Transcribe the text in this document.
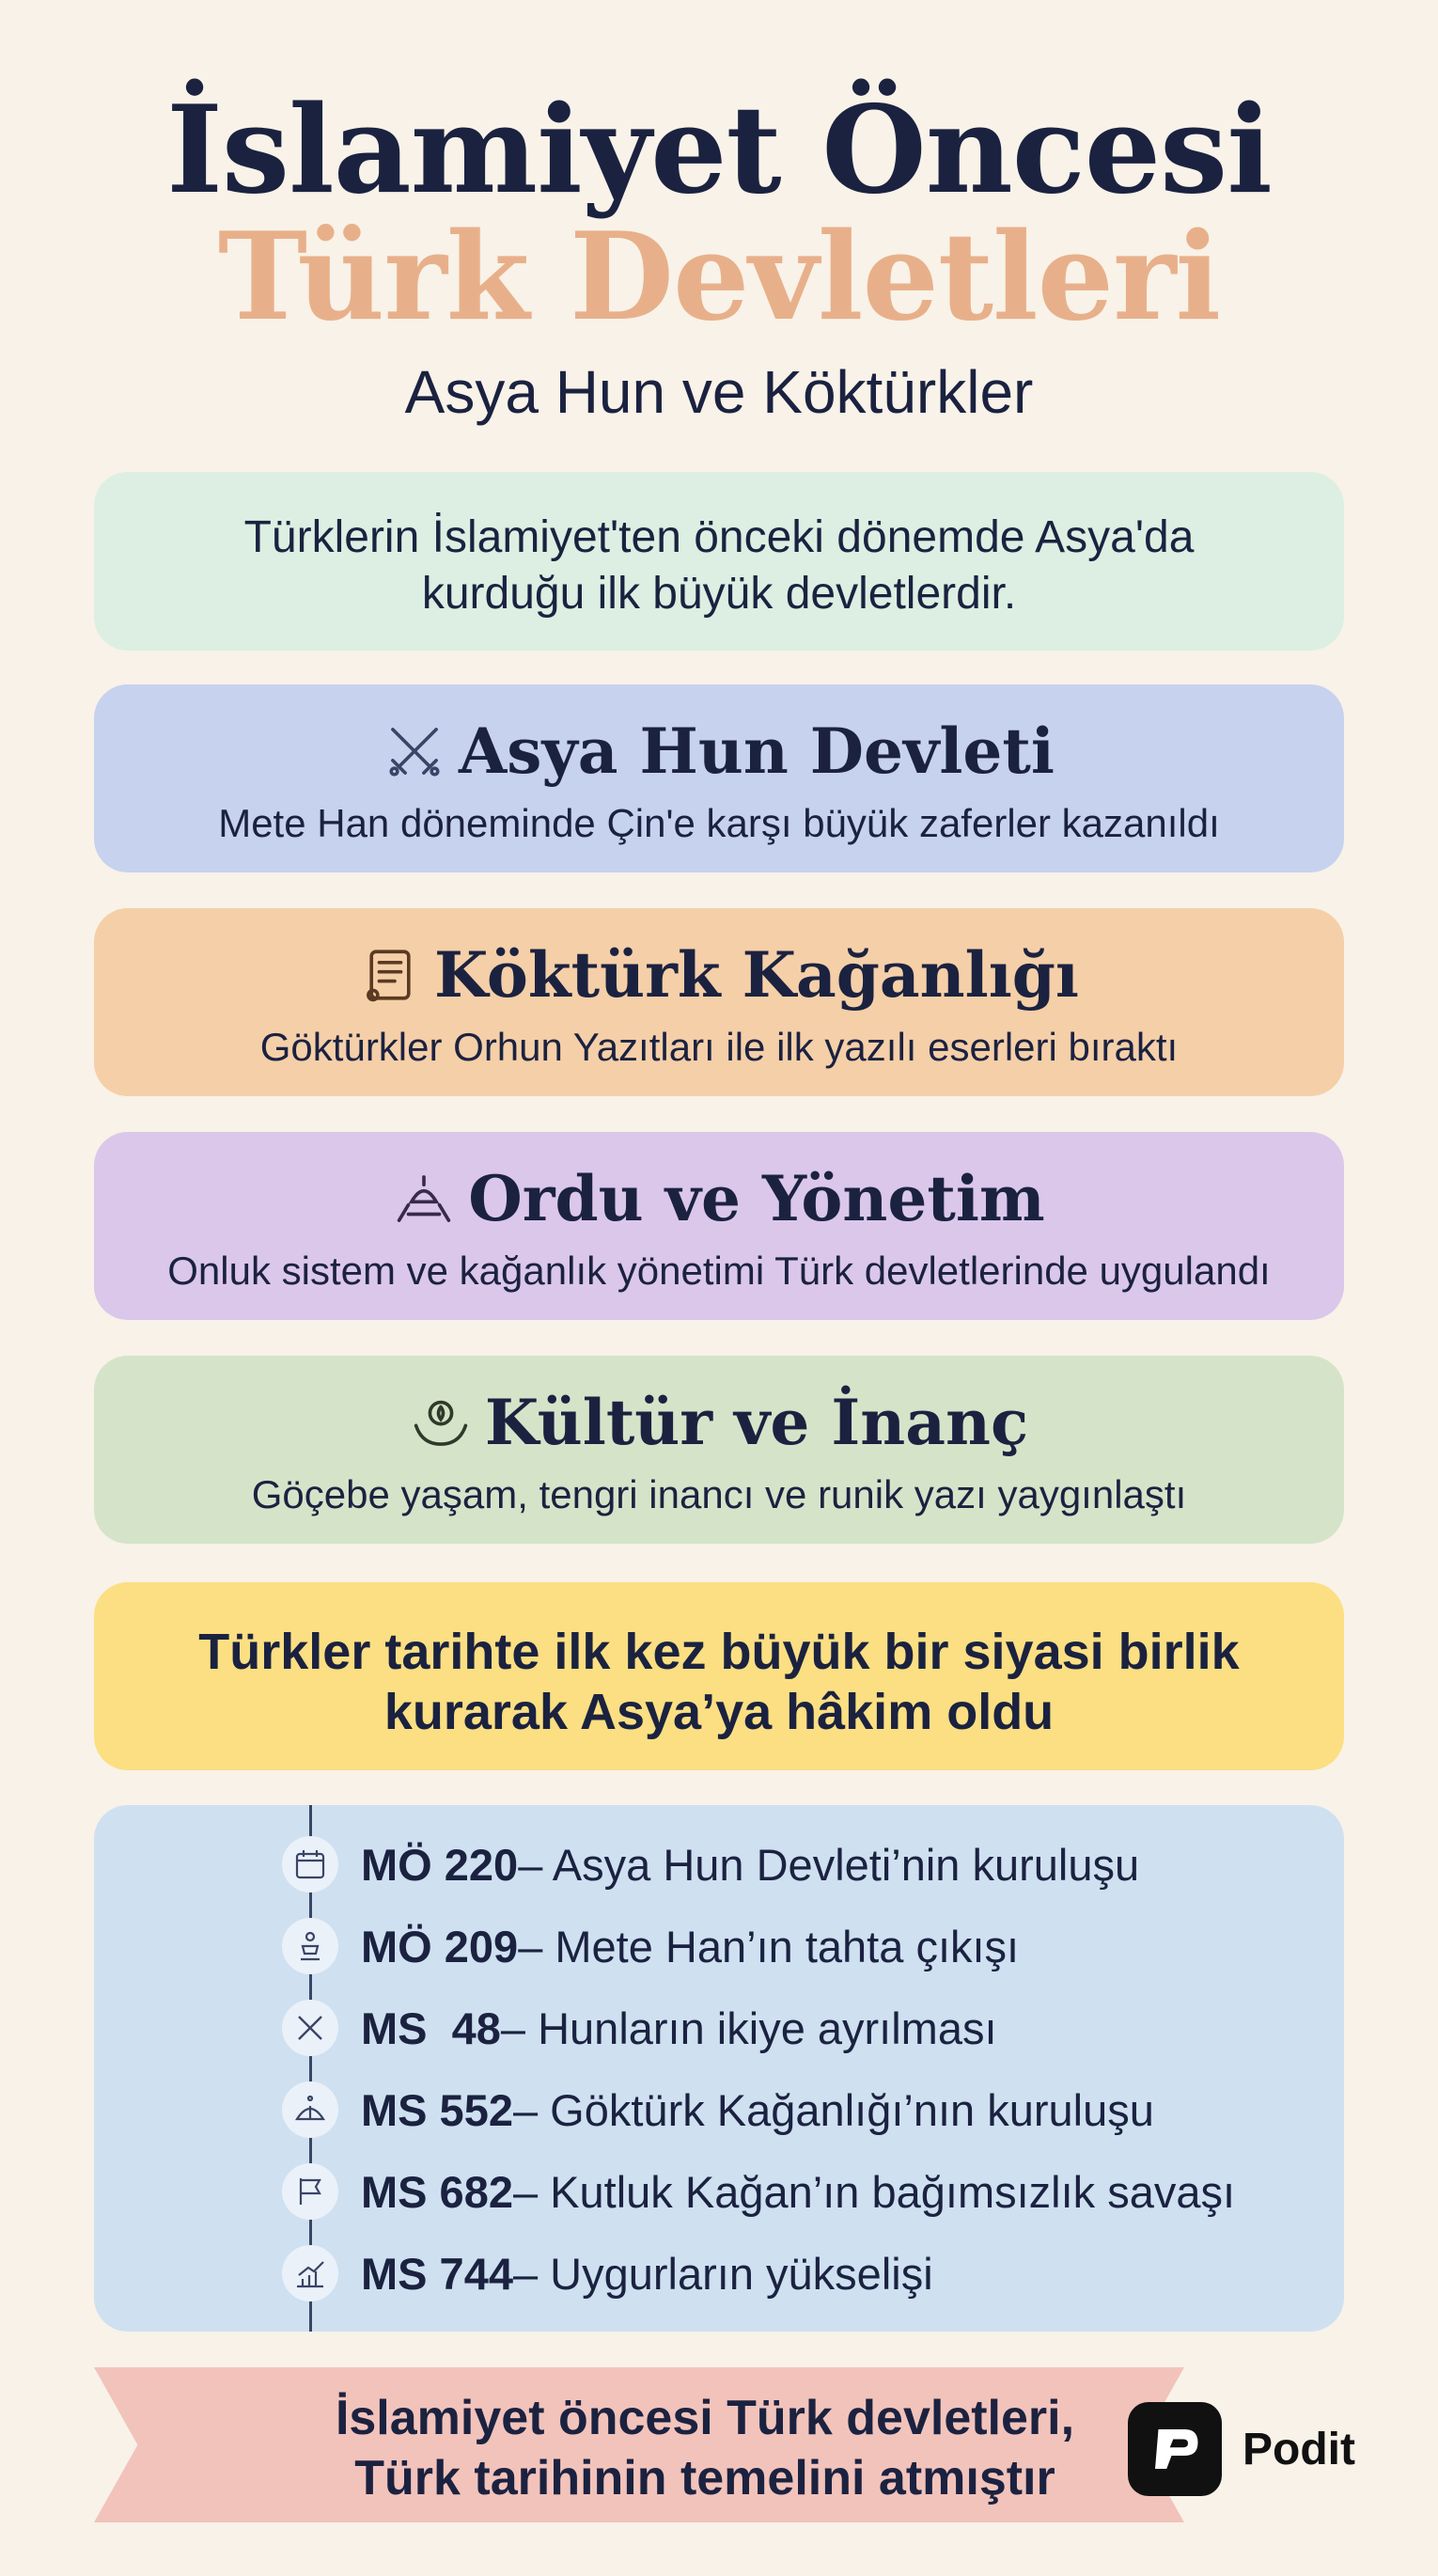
İslamiyet Öncesi
Türk Devletleri
Asya Hun ve Köktürkler

Türklerin İslamiyet'ten önceki dönemde Asya'da

kurduğu ilk büyük devletlerdir.

Asya Hun Devleti
Mete Han döneminde Çin'e karşı büyük zaferler kazanıldı
Köktürk Kağanlığı
Göktürkler Orhun Yazıtları ile ilk yazılı eserleri bıraktı
Ordu ve Yönetim
Onluk sistem ve kağanlık yönetimi Türk devletlerinde uygulandı
Kültür ve İnanç
Göçebe yaşam, tengri inancı ve runik yazı yaygınlaştı

Türkler tarihte ilk kez büyük bir siyasi birlik

kurarak Asya’ya hâkim oldu

MÖ 220 – Asya Hun Devleti’nin kuruluşu
MÖ 209 – Mete Han’ın tahta çıkışı
MS  48 – Hunların ikiye ayrılması
MS 552 – Göktürk Kağanlığı’nın kuruluşu
MS 682 – Kutluk Kağan’ın bağımsızlık savaşı
MS 744 – Uygurların yükselişi

İslamiyet öncesi Türk devletleri,
Türk tarihinin temelini atmıştır

Podit
